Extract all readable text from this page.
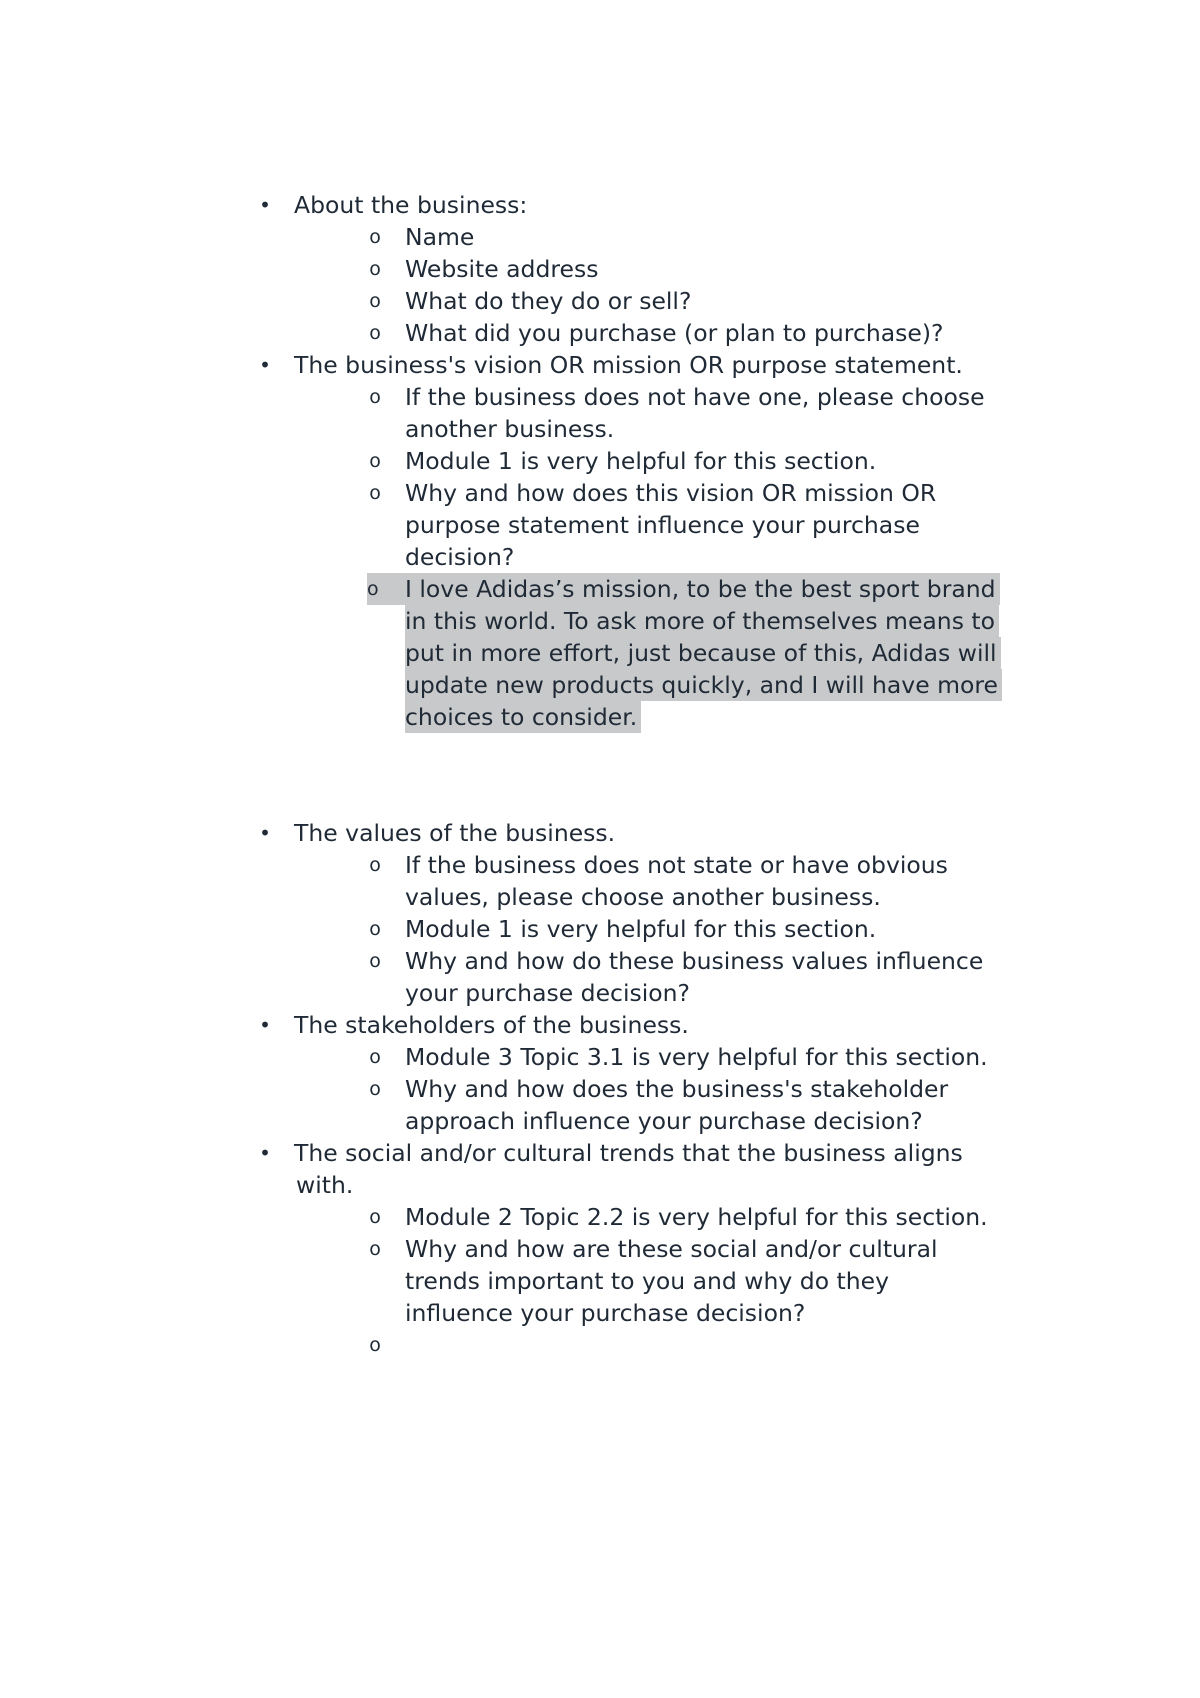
• About the business:
o Name
o Website address
o What do they do or sell?
o What did you purchase (or plan to purchase)?
• The business's vision OR mission OR purpose statement.
o If the business does not have one, please choose
another business.
o Module 1 is very helpful for this section.
o Why and how does this vision OR mission OR
purpose statement influence your purchase
decision?
o	I love Adidas’s mission, to be the best sport brand
in this world. To ask more of themselves means to
put in more effort, just because of this, Adidas will
update new products quickly, and I will have more
choices to consider.
• The values of the business.
o If the business does not state or have obvious
values, please choose another business.
o Module 1 is very helpful for this section.
o Why and how do these business values influence
your purchase decision?
• The stakeholders of the business.
o Module 3 Topic 3.1 is very helpful for this section.
o Why and how does the business's stakeholder
approach influence your purchase decision?
• The social and/or cultural trends that the business aligns
with.
o Module 2 Topic 2.2 is very helpful for this section.
o Why and how are these social and/or cultural
trends important to you and why do they
influence your purchase decision?
o
